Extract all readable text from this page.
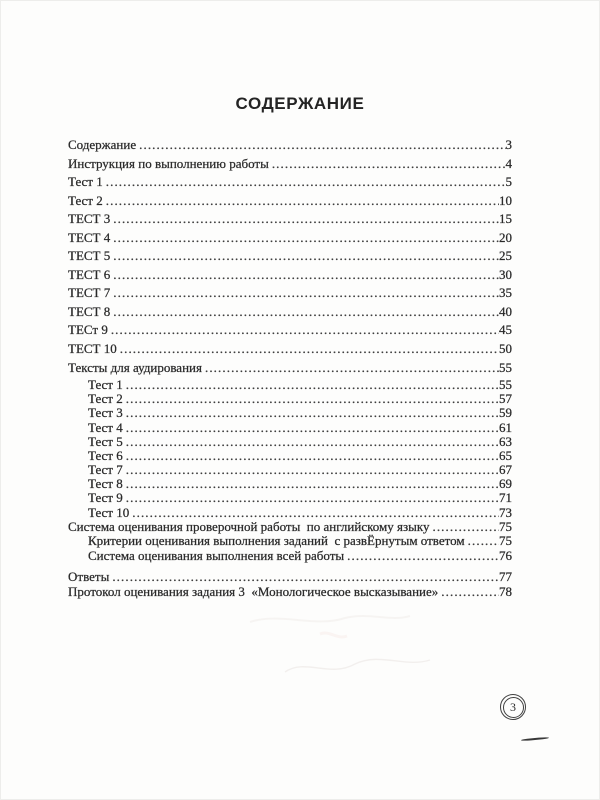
СОДЕРЖАНИЕ
Содержание .....	3
Инструкция по выполнению работы .....	4
Тест 1 .....	5
Тест 2 .....	10
ТЕСТ 3 .....	15
ТЕСТ 4 .....	20
ТЕСТ 5 .....	25
ТЕСТ 6 .....	30
ТЕСТ 7 .....	35
ТЕСТ 8 .....	40
ТЕСт 9 .....	45
ТЕСТ 10 .....	50
Тексты для аудирования .....	55
Тест 1 .....	55
Тест 2 .....	57
Тест 3 .....	59
Тест 4 .....	61
Тест 5 .....	63
Тест 6 .....	65
Тест 7 .....	67
Тест 8 .....	69
Тест 9 .....	71
Тест 10 .....	73
Система оценивания проверочной работы  по английскому языку .....	75
Критерии оценивания выполнения заданий  с развЁрнутым ответом .....	75
Система оценивания выполнения всей работы .....	76
Ответы .....	77
Протокол оценивания задания 3  «Монологическое высказывание» .....	78
3
